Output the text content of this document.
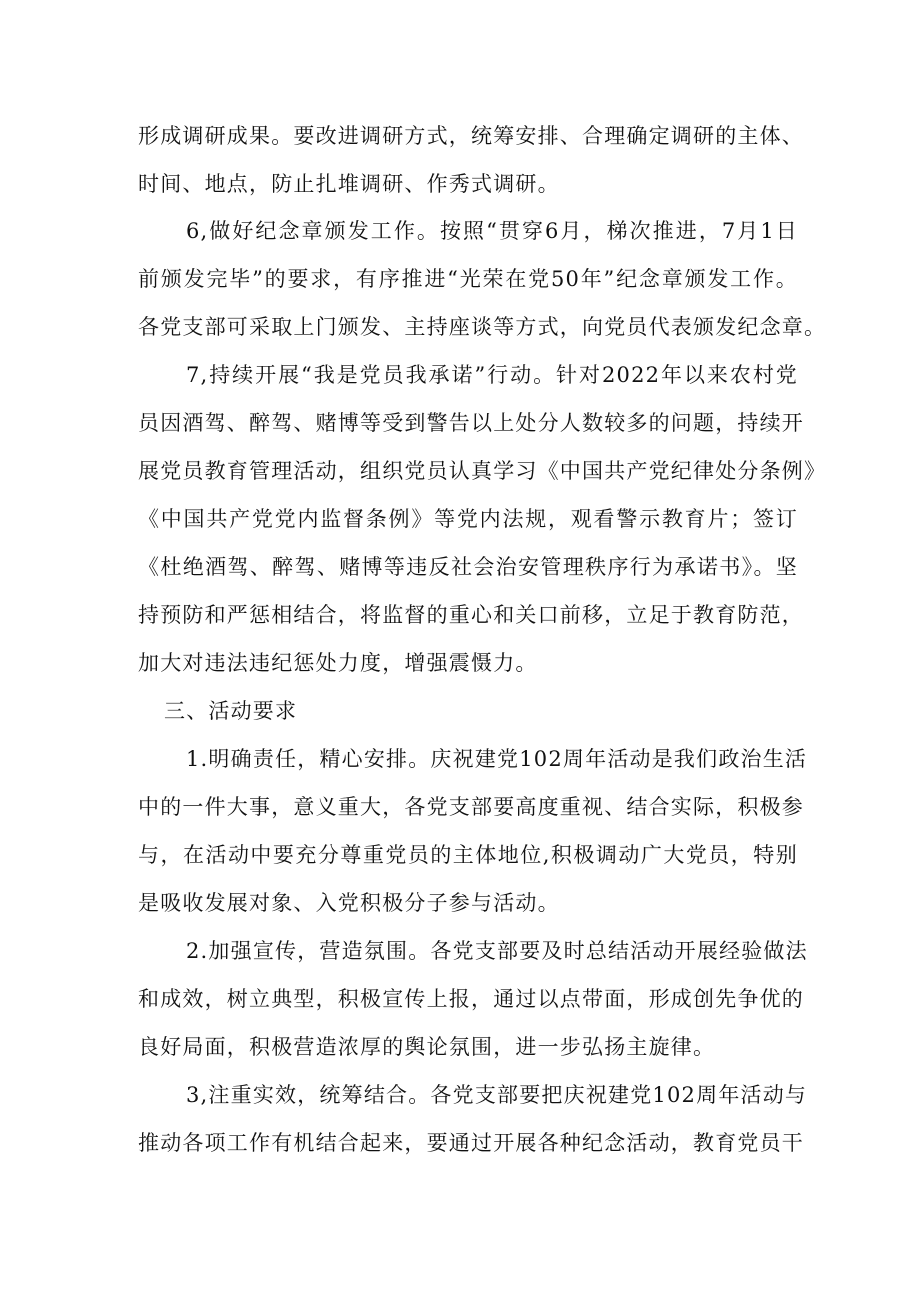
形成调研成果。要改进调研方式，统筹安排、合理确定调研的主体、
时间、地点，防止扎堆调研、作秀式调研。
6,做好纪念章颁发工作。按照“贯穿6月，梯次推进，7月1日
前颁发完毕”的要求，有序推进“光荣在党50年”纪念章颁发工作。
各党支部可采取上门颁发、主持座谈等方式，向党员代表颁发纪念章。
7,持续开展“我是党员我承诺”行动。针对2022年以来农村党
员因酒驾、醉驾、赌博等受到警告以上处分人数较多的问题，持续开
展党员教育管理活动，组织党员认真学习《中国共产党纪律处分条例》
《中国共产党党内监督条例》等党内法规，观看警示教育片；签订
《杜绝酒驾、醉驾、赌博等违反社会治安管理秩序行为承诺书》。坚
持预防和严惩相结合，将监督的重心和关口前移，立足于教育防范，
加大对违法违纪惩处力度，增强震慑力。
三、活动要求
1.明确责任，精心安排。庆祝建党102周年活动是我们政治生活
中的一件大事，意义重大，各党支部要高度重视、结合实际，积极参
与，在活动中要充分尊重党员的主体地位,积极调动广大党员，特别
是吸收发展对象、入党积极分子参与活动。
2.加强宣传，营造氛围。各党支部要及时总结活动开展经验做法
和成效，树立典型，积极宣传上报，通过以点带面，形成创先争优的
良好局面，积极营造浓厚的舆论氛围，进一步弘扬主旋律。
3,注重实效，统筹结合。各党支部要把庆祝建党102周年活动与
推动各项工作有机结合起来，要通过开展各种纪念活动，教育党员干
